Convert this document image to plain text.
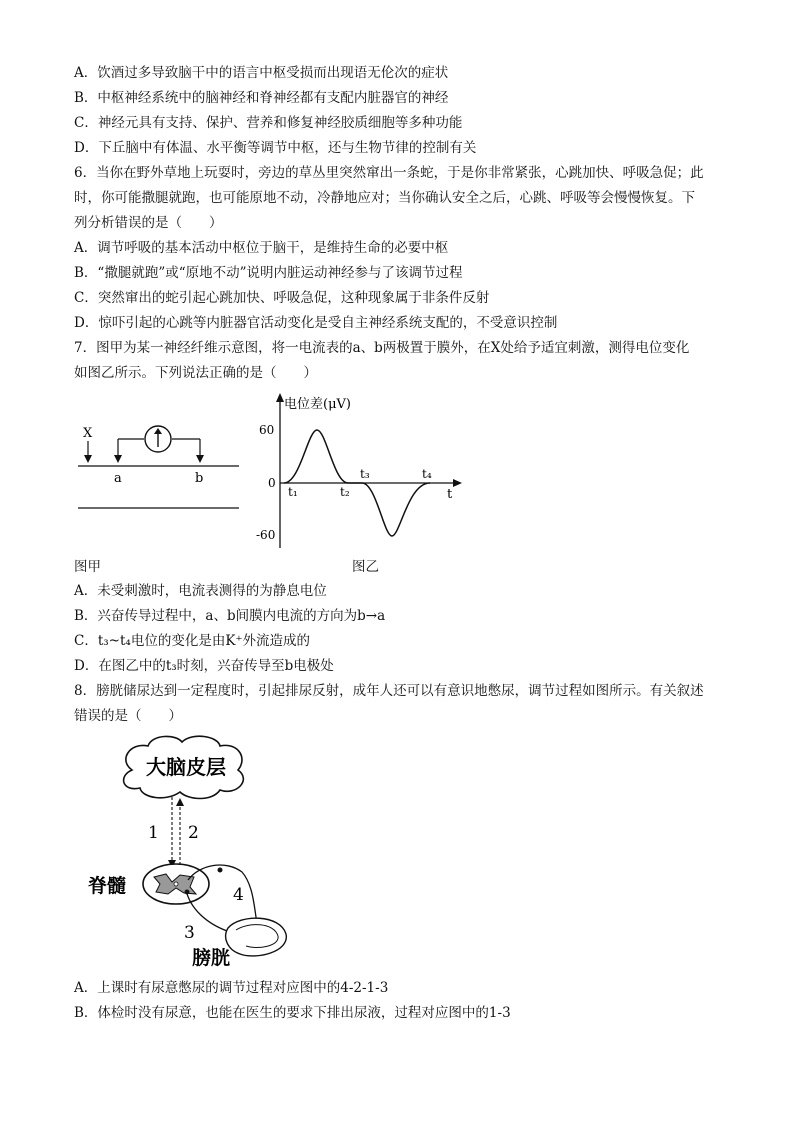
A．饮酒过多导致脑干中的语言中枢受损而出现语无伦次的症状
B．中枢神经系统中的脑神经和脊神经都有支配内脏器官的神经
C．神经元具有支持、保护、营养和修复神经胶质细胞等多种功能
D．下丘脑中有体温、水平衡等调节中枢，还与生物节律的控制有关
6．当你在野外草地上玩耍时，旁边的草丛里突然窜出一条蛇，于是你非常紧张，心跳加快、呼吸急促；此
时，你可能撒腿就跑，也可能原地不动，冷静地应对；当你确认安全之后，心跳、呼吸等会慢慢恢复。下
列分析错误的是（　　）
A．调节呼吸的基本活动中枢位于脑干，是维持生命的必要中枢
B．“撒腿就跑”或“原地不动”说明内脏运动神经参与了该调节过程
C．突然窜出的蛇引起心跳加快、呼吸急促，这种现象属于非条件反射
D．惊吓引起的心跳等内脏器官活动变化是受自主神经系统支配的，不受意识控制
7．图甲为某一神经纤维示意图，将一电流表的a、b两极置于膜外，在X处给予适宜刺激，测得电位变化
如图乙所示。下列说法正确的是（　　）
X
a	b
图甲
电位差(μV)
t
60
0
-60
t₁	t₂
t₃	t₄
图乙
A．未受刺激时，电流表测得的为静息电位
B．兴奋传导过程中，a、b间膜内电流的方向为b→a
C．t₃~t₄电位的变化是由K⁺外流造成的
D．在图乙中的t₃时刻，兴奋传导至b电极处
8．膀胱储尿达到一定程度时，引起排尿反射，成年人还可以有意识地憋尿，调节过程如图所示。有关叙述
错误的是（　　）
大脑皮层
1 2
脊髓	4
3
膀胱
A．上课时有尿意憋尿的调节过程对应图中的4-2-1-3
B．体检时没有尿意，也能在医生的要求下排出尿液，过程对应图中的1-3
